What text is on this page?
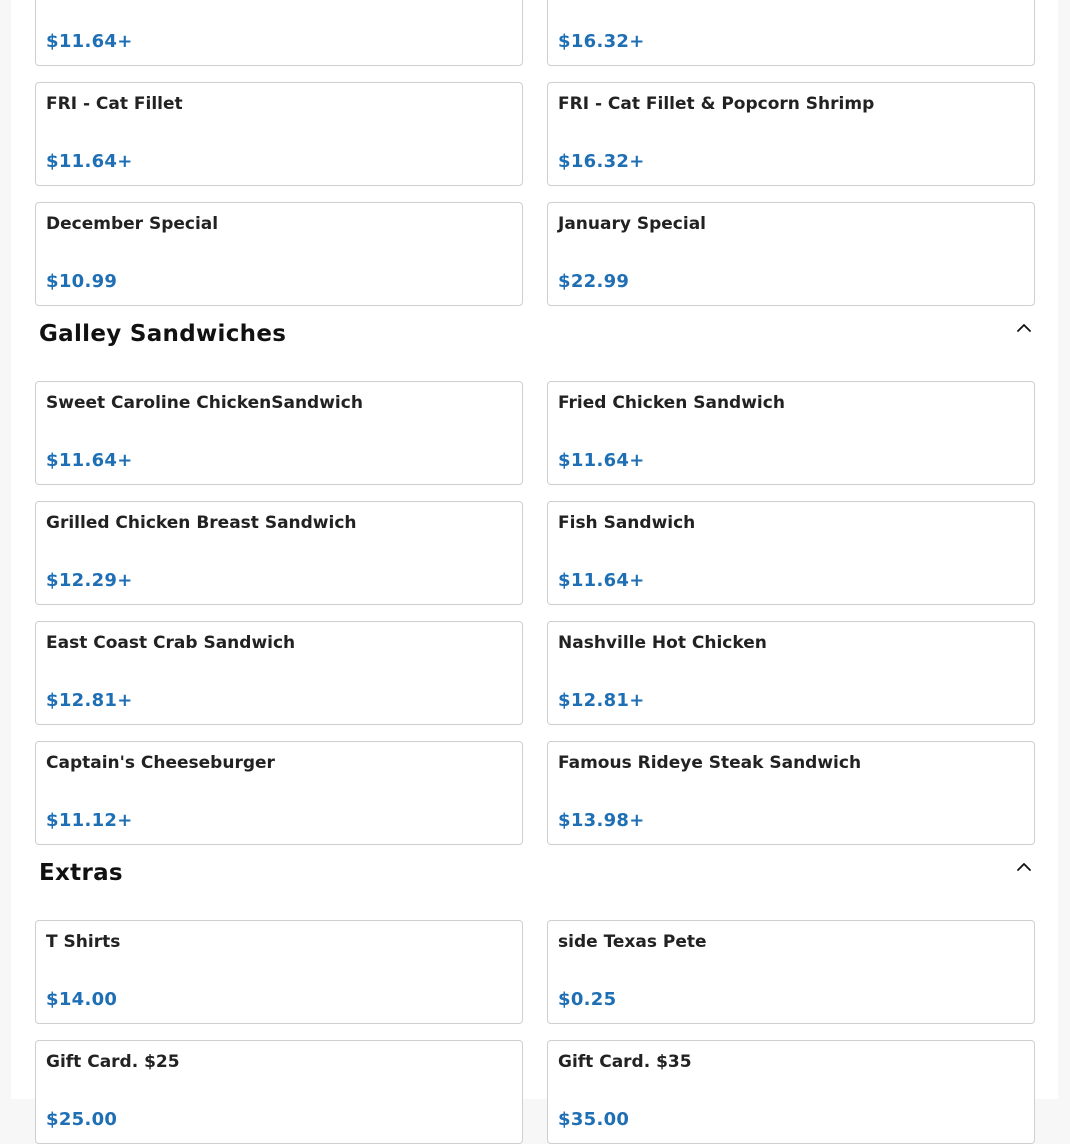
$11.64+	$16.32+
FRI - Cat Fillet
$11.64+
FRI - Cat Fillet & Popcorn Shrimp
$16.32+
December Special
$10.99
January Special
$22.99
Galley Sandwiches
Sweet Caroline ChickenSandwich
$11.64+
Fried Chicken Sandwich
$11.64+
Grilled Chicken Breast Sandwich
$12.29+
Fish Sandwich
$11.64+
East Coast Crab Sandwich
$12.81+
Nashville Hot Chicken
$12.81+
Captain's Cheeseburger
$11.12+
Famous Rideye Steak Sandwich
$13.98+
Extras
T Shirts
$14.00
side Texas Pete
$0.25
Gift Card. $25
$25.00
Gift Card. $35
$35.00
